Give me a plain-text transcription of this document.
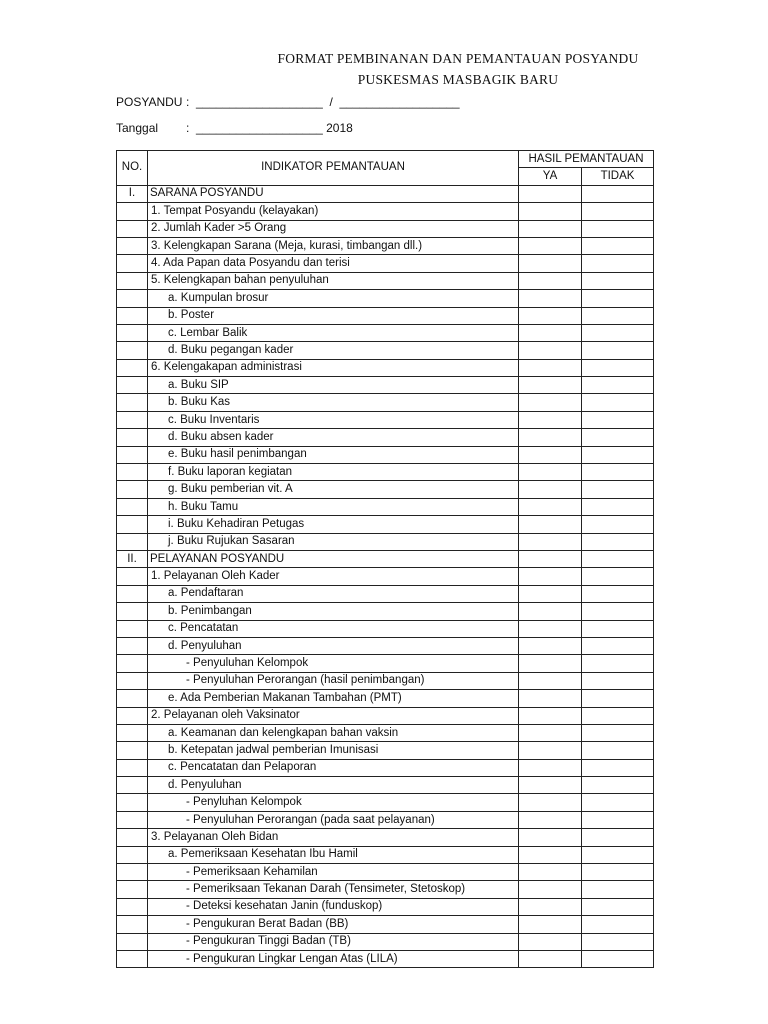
FORMAT PEMBINANAN DAN PEMANTAUAN POSYANDU
PUSKESMAS MASBAGIK BARU
POSYANDU : ___________________  /  __________________
Tanggal : ___________________ 2018
NO.	INDIKATOR PEMANTAUAN	HASIL PEMANTAUAN	
		YA	TIDAK
I.	SARANA POSYANDU		
	1. Tempat Posyandu (kelayakan)		
	2. Jumlah Kader >5 Orang		
	3. Kelengkapan Sarana (Meja, kurasi, timbangan dll.)		
	4. Ada Papan data Posyandu dan terisi		
	5. Kelengkapan bahan penyuluhan		
	a. Kumpulan brosur		
	b. Poster		
	c. Lembar Balik		
	d. Buku pegangan kader		
	6. Kelengakapan administrasi		
	a. Buku SIP		
	b. Buku Kas		
	c. Buku Inventaris		
	d. Buku absen kader		
	e. Buku hasil penimbangan		
	f. Buku laporan kegiatan		
	g. Buku pemberian vit. A		
	h. Buku Tamu		
	i. Buku Kehadiran Petugas		
	j. Buku Rujukan Sasaran		
II.	PELAYANAN POSYANDU		
	1. Pelayanan Oleh Kader		
	a. Pendaftaran		
	b. Penimbangan		
	c. Pencatatan		
	d. Penyuluhan		
	- Penyuluhan Kelompok		
	- Penyuluhan Perorangan (hasil penimbangan)		
	e. Ada Pemberian Makanan Tambahan (PMT)		
	2. Pelayanan oleh Vaksinator		
	a. Keamanan dan kelengkapan bahan vaksin		
	b. Ketepatan jadwal pemberian Imunisasi		
	c. Pencatatan dan Pelaporan		
	d. Penyuluhan		
	- Penyluhan Kelompok		
	- Penyuluhan Perorangan (pada saat pelayanan)		
	3. Pelayanan Oleh Bidan		
	a. Pemeriksaan Kesehatan Ibu Hamil		
	- Pemeriksaan Kehamilan		
	- Pemeriksaan Tekanan Darah (Tensimeter, Stetoskop)		
	- Deteksi kesehatan Janin (funduskop)		
	- Pengukuran Berat Badan (BB)		
	- Pengukuran Tinggi Badan (TB)		
	- Pengukuran Lingkar Lengan Atas (LILA)		
